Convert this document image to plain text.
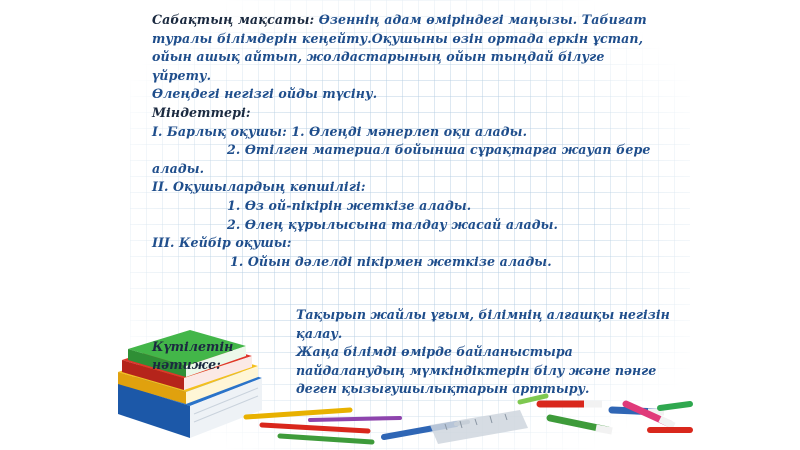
Сабақтың мақсаты: Өзеннің адам өміріндегі маңызы. Табиғат
туралы білімдерін кеңейту.Оқушыны өзін ортада еркін ұстап,
ойын ашық айтып, жолдастарының ойын тыңдай білуге
үйрету.
Өлеңдегі негізгі ойды түсіну.
Міндеттері:
І. Барлық оқушы: 1. Өлеңді мәнерлеп оқи алады.
2. Өтілген материал бойынша сұрақтарға жауап бере
алады.
ІІ. Оқушылардың көпшілігі:
1. Өз ой-пікірін жеткізе алады.
2. Өлең құрылысына талдау жасай алады.
ІІІ. Кейбір оқушы:
1. Ойын дәлелді пікірмен жеткізе алады.
Күтілетін
нәтиже:
Тақырып жайлы ұғым, білімнің алғашқы негізін
қалау.
Жаңа білімді өмірде байланыстыра
пайдаланудың мүмкіндіктерін білу және пәнге
деген қызығушылықтарын арттыру.
